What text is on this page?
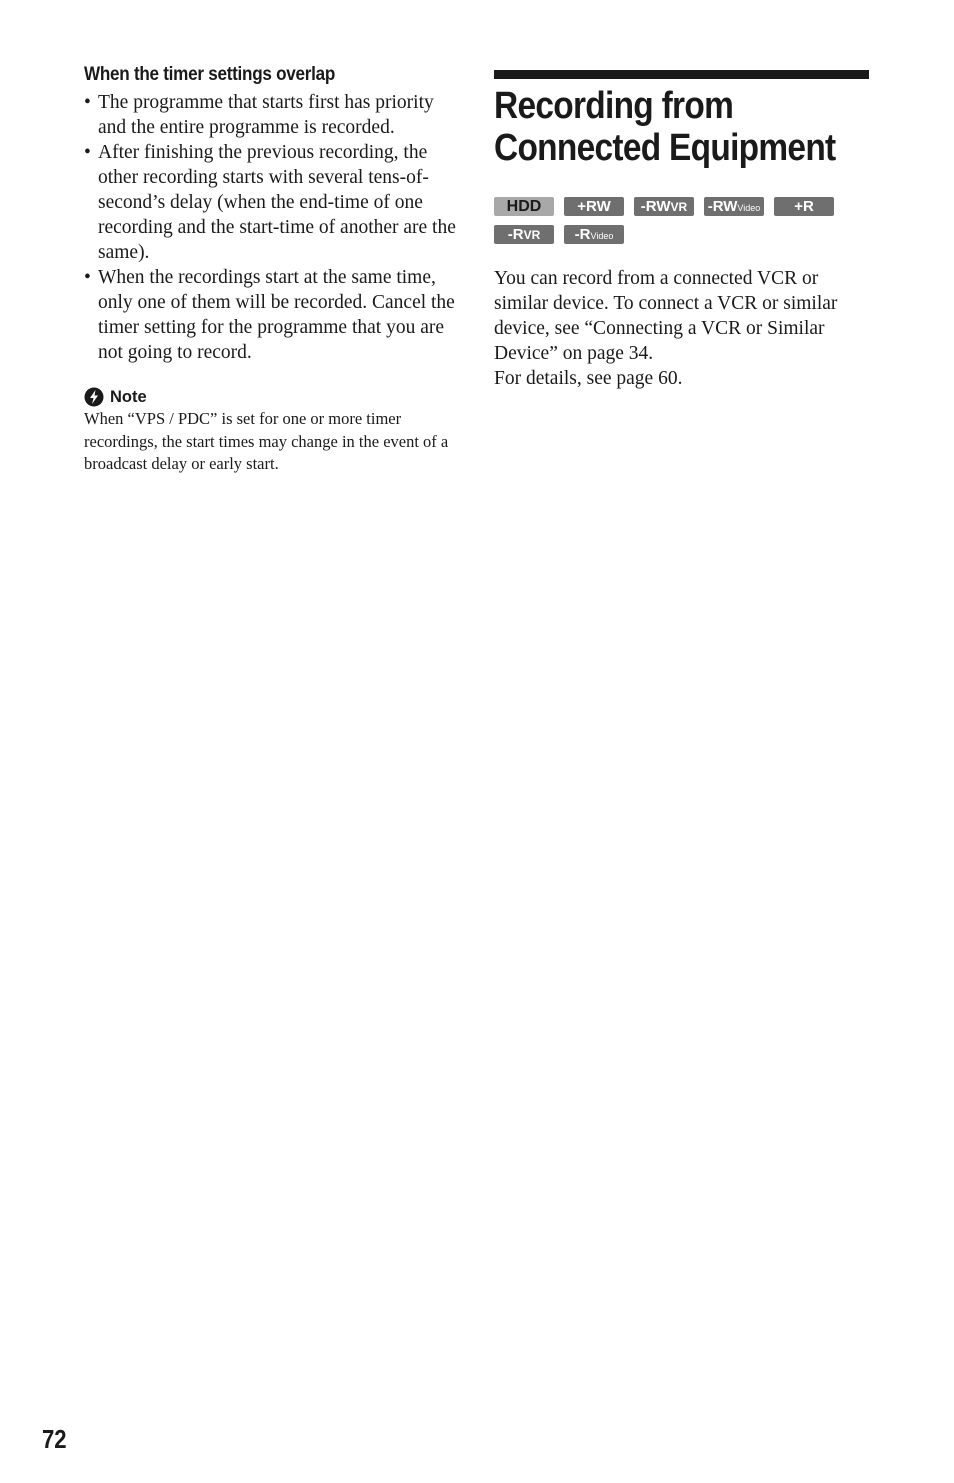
When the timer settings overlap
• The programme that starts first has priority and the entire programme is recorded.
• After finishing the previous recording, the other recording starts with several tens-of-second’s delay (when the end-time of one recording and the start-time of another are the same).
• When the recordings start at the same time, only one of them will be recorded. Cancel the timer setting for the programme that you are not going to record.
Note
When “VPS / PDC” is set for one or more timer recordings, the start times may change in the event of a broadcast delay or early start.
Recording from
Connected Equipment
HDD	+RW	-RWVR	-RWVideo	+R
-RVR	-RVideo

You can record from a connected VCR or similar device. To connect a VCR or similar device, see “Connecting a VCR or Similar Device” on page 34.

For details, see page 60.

72
